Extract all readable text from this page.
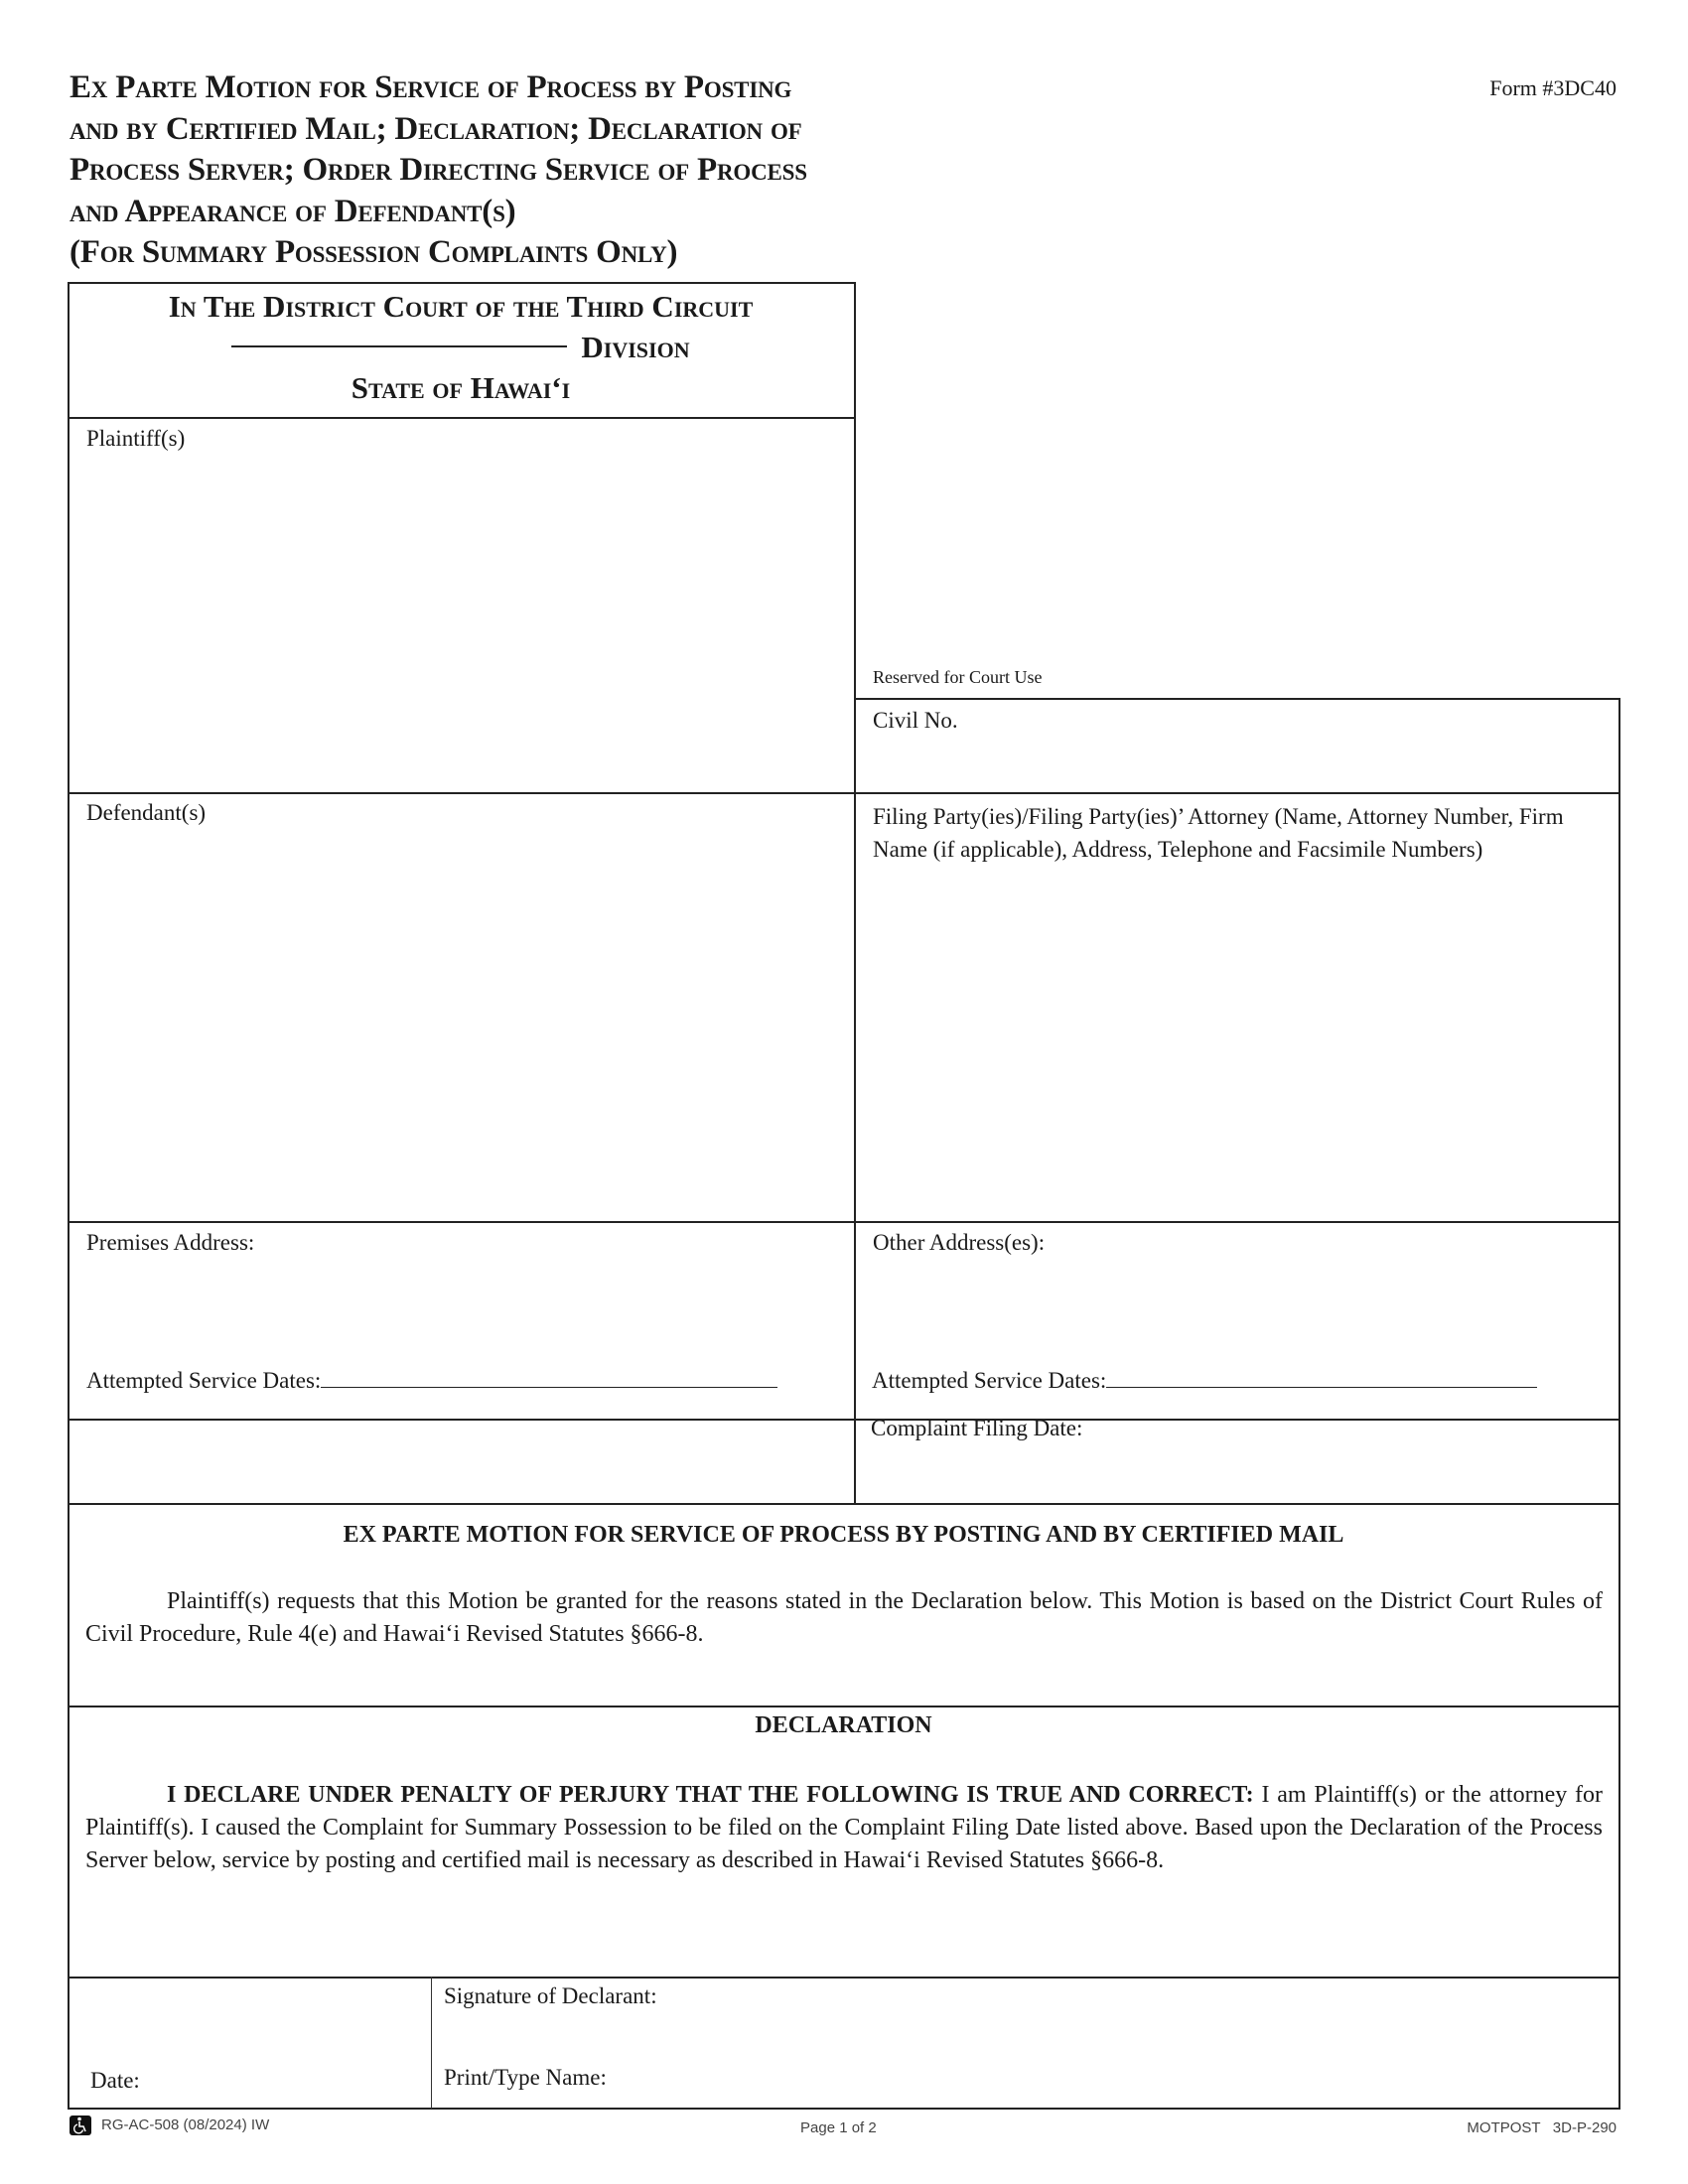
Ex Parte Motion for Service of Process by Posting
and by Certified Mail; Declaration; Declaration of
Process Server; Order Directing Service of Process
and Appearance of Defendant(s)
(For Summary Possession Complaints Only)
Form #3DC40
In The District Court of the Third Circuit
Division
State of Hawai‘i
Reserved for Court Use
Plaintiff(s)
Civil No.
Defendant(s)	Filing Party(ies)/Filing Party(ies)’ Attorney (Name, Attorney Number, Firm Name (if applicable), Address, Telephone and Facsimile Numbers)
Premises Address:	Other Address(es):
Attempted Service Dates:	Attempted Service Dates:
Complaint Filing Date:
EX PARTE MOTION FOR SERVICE OF PROCESS BY POSTING AND BY CERTIFIED MAIL
Plaintiff(s) requests that this Motion be granted for the reasons stated in the Declaration below. This Motion is based on the District Court Rules of Civil Procedure, Rule 4(e) and Hawai‘i Revised Statutes §666-8.
DECLARATION
I DECLARE UNDER PENALTY OF PERJURY THAT THE FOLLOWING IS TRUE AND CORRECT: I am Plaintiff(s) or the attorney for Plaintiff(s). I caused the Complaint for Summary Possession to be filed on the Complaint Filing Date listed above. Based upon the Declaration of the Process Server below, service by posting and certified mail is necessary as described in Hawai‘i Revised Statutes §666-8.
Date:
Signature of Declarant:
Print/Type Name:
RG-AC-508 (08/2024) IW	Page 1 of 2	MOTPOST   3D-P-290
